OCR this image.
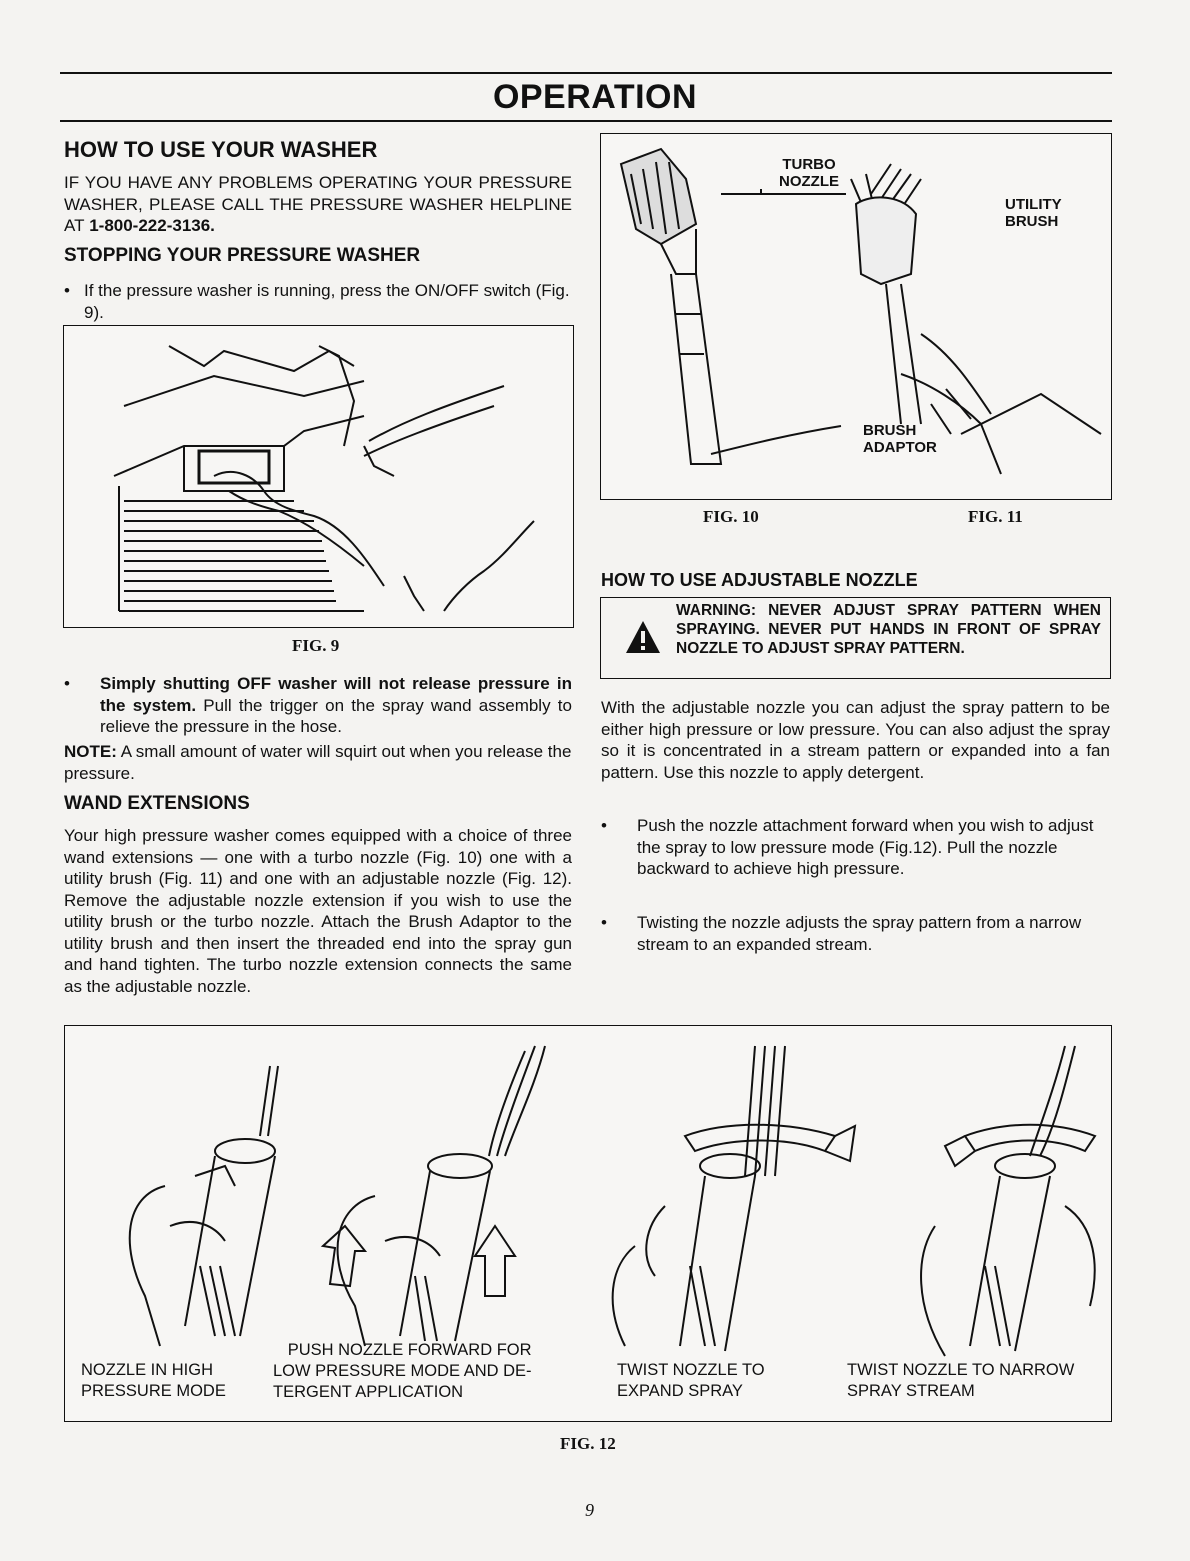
OPERATION
HOW TO USE YOUR WASHER

IF YOU HAVE ANY PROBLEMS OPERATING YOUR PRESSURE WASHER, PLEASE CALL THE PRESSURE WASHER HELPLINE AT 1-800-222-3136.

STOPPING YOUR PRESSURE WASHER
• If the pressure washer is running, press the ON/OFF switch (Fig. 9).
FIG. 9
• Simply shutting OFF washer will not release pressure in the system. Pull the trigger on the spray wand assembly to relieve the pressure in the hose.

NOTE: A small amount of water will squirt out when you release the pressure.

WAND EXTENSIONS

Your high pressure washer comes equipped with a choice of three wand extensions — one with a turbo nozzle (Fig. 10) one with a utility brush (Fig. 11) and one with an adjustable nozzle (Fig. 12). Remove the adjustable nozzle extension if you wish to use the utility brush or the turbo nozzle. Attach the Brush Adaptor to the utility brush and then insert the threaded end into the spray gun and hand tighten. The turbo nozzle extension connects the same as the adjustable nozzle.

TURBO
NOZZLE
UTILITY
BRUSH
BRUSH
ADAPTOR
FIG. 10	FIG. 11
HOW TO USE ADJUSTABLE NOZZLE
WARNING: NEVER ADJUST SPRAY PATTERN WHEN SPRAYING. NEVER PUT HANDS IN FRONT OF SPRAY NOZZLE TO ADJUST SPRAY PATTERN.

With the adjustable nozzle you can adjust the spray pattern to be either high pressure or low pressure. You can also adjust the spray so it is concentrated in a stream pattern or expanded into a fan pattern. Use this nozzle to apply detergent.

• Push the nozzle attachment forward when you wish to adjust the spray to low pressure mode (Fig.12). Pull the nozzle backward to achieve high pressure.
• Twisting the nozzle adjusts the spray pattern from a narrow stream to an expanded stream.
NOZZLE IN HIGH
PRESSURE MODE
PUSH NOZZLE FORWARD FOR
LOW PRESSURE MODE AND DE-
TERGENT APPLICATION
TWIST NOZZLE TO
EXPAND SPRAY
TWIST NOZZLE TO NARROW
SPRAY STREAM
FIG. 12
9
